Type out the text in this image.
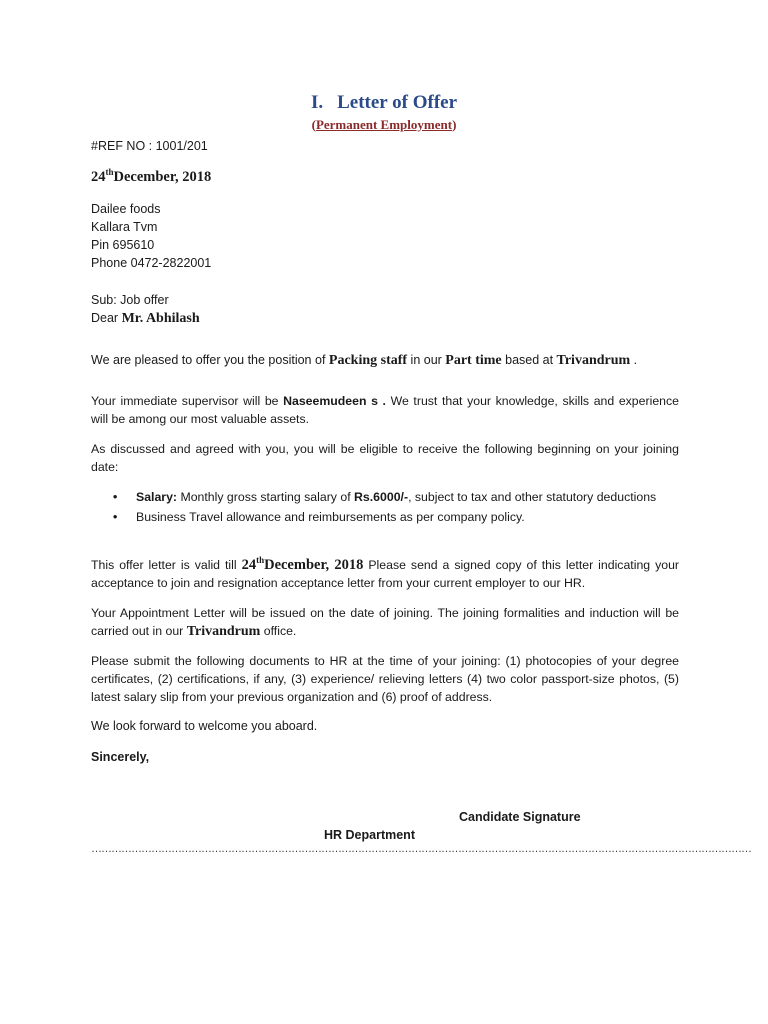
I. Letter of Offer
(Permanent Employment)
#REF NO : 1001/201
24thDecember, 2018
Dailee foods
Kallara Tvm
Pin 695610
Phone 0472-2822001
Sub: Job offer
Dear Mr. Abhilash
We are pleased to offer you the position of Packing staff in our Part time based at Trivandrum .
Your immediate supervisor will be Naseemudeen s . We trust that your knowledge, skills and experience will be among our most valuable assets.
As discussed and agreed with you, you will be eligible to receive the following beginning on your joining date:
• Salary: Monthly gross starting salary of Rs.6000/-, subject to tax and other statutory deductions
• Business Travel allowance and reimbursements as per company policy.
This offer letter is valid till 24thDecember, 2018 Please send a signed copy of this letter indicating your acceptance to join and resignation acceptance letter from your current employer to our HR.
Your Appointment Letter will be issued on the date of joining. The joining formalities and induction will be carried out in our Trivandrum office.
Please submit the following documents to HR at the time of your joining: (1) photocopies of your degree certificates, (2) certifications, if any, (3) experience/ relieving letters (4) two color passport-size photos, (5) latest salary slip from your previous organization and (6) proof of address.
We look forward to welcome you aboard.
Sincerely,
Candidate Signature
HR Department
………………………………………………………………………………………………………………………………………………………………………………
